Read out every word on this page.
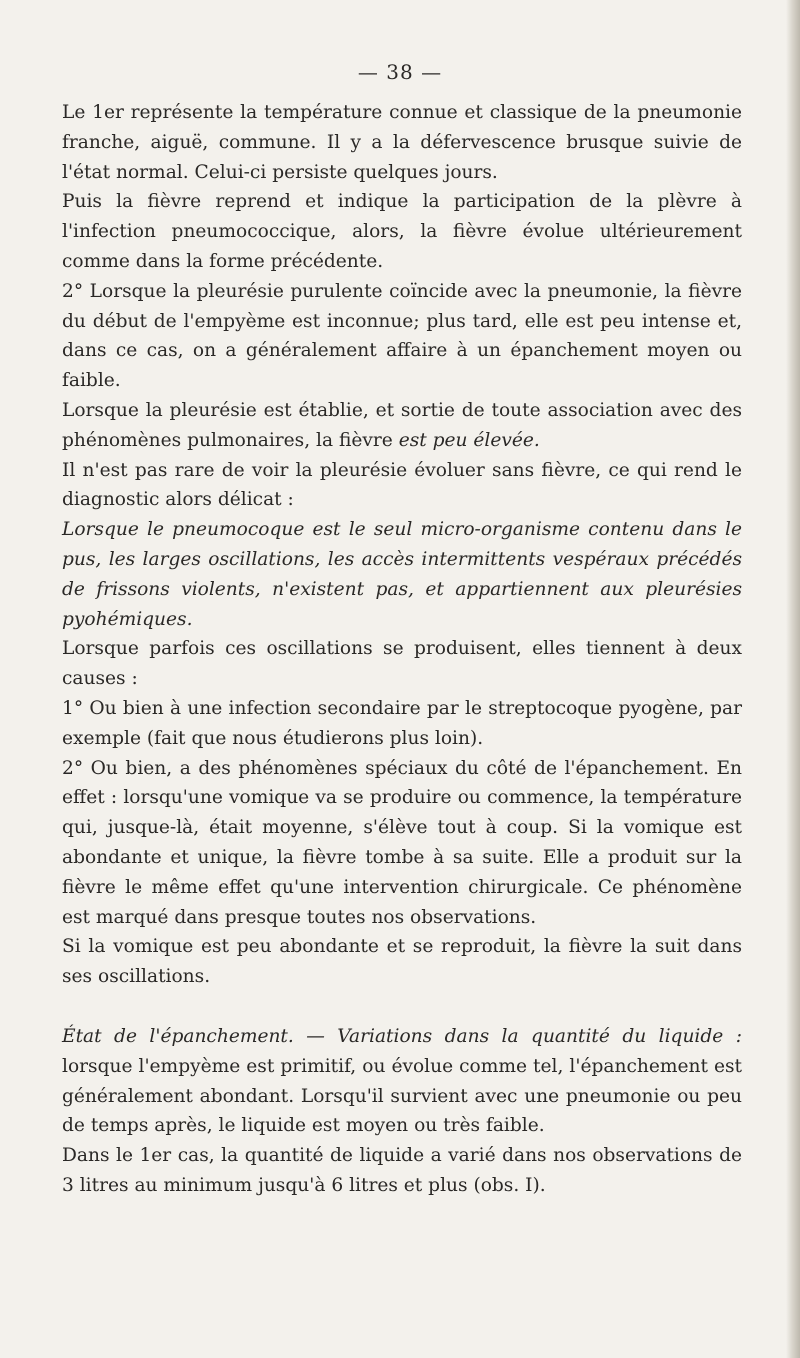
— 38 —

Le 1er représente la température connue et classique de la pneumonie franche, aiguë, commune. Il y a la défervescence brusque suivie de l'état normal. Celui-ci persiste quelques jours.

Puis la fièvre reprend et indique la participation de la plèvre à l'infection pneumococcique, alors, la fièvre évolue ultérieurement comme dans la forme précédente.

2° Lorsque la pleurésie purulente coïncide avec la pneumonie, la fièvre du début de l'empyème est inconnue; plus tard, elle est peu intense et, dans ce cas, on a généralement affaire à un épanchement moyen ou faible.

Lorsque la pleurésie est établie, et sortie de toute association avec des phénomènes pulmonaires, la fièvre est peu élevée.

Il n'est pas rare de voir la pleurésie évoluer sans fièvre, ce qui rend le diagnostic alors délicat :

Lorsque le pneumocoque est le seul micro-organisme contenu dans le pus, les larges oscillations, les accès intermittents vespéraux précédés de frissons violents, n'existent pas, et appartiennent aux pleurésies pyohémiques.

Lorsque parfois ces oscillations se produisent, elles tiennent à deux causes :

1° Ou bien à une infection secondaire par le streptocoque pyogène, par exemple (fait que nous étudierons plus loin).

2° Ou bien, a des phénomènes spéciaux du côté de l'épanchement. En effet : lorsqu'une vomique va se produire ou commence, la température qui, jusque-là, était moyenne, s'élève tout à coup. Si la vomique est abondante et unique, la fièvre tombe à sa suite. Elle a produit sur la fièvre le même effet qu'une intervention chirurgicale. Ce phénomène est marqué dans presque toutes nos observations.

Si la vomique est peu abondante et se reproduit, la fièvre la suit dans ses oscillations.

État de l'épanchement. — Variations dans la quantité du liquide : lorsque l'empyème est primitif, ou évolue comme tel, l'épanchement est généralement abondant. Lorsqu'il survient avec une pneumonie ou peu de temps après, le liquide est moyen ou très faible.

Dans le 1er cas, la quantité de liquide a varié dans nos observations de 3 litres au minimum jusqu'à 6 litres et plus (obs. I).
